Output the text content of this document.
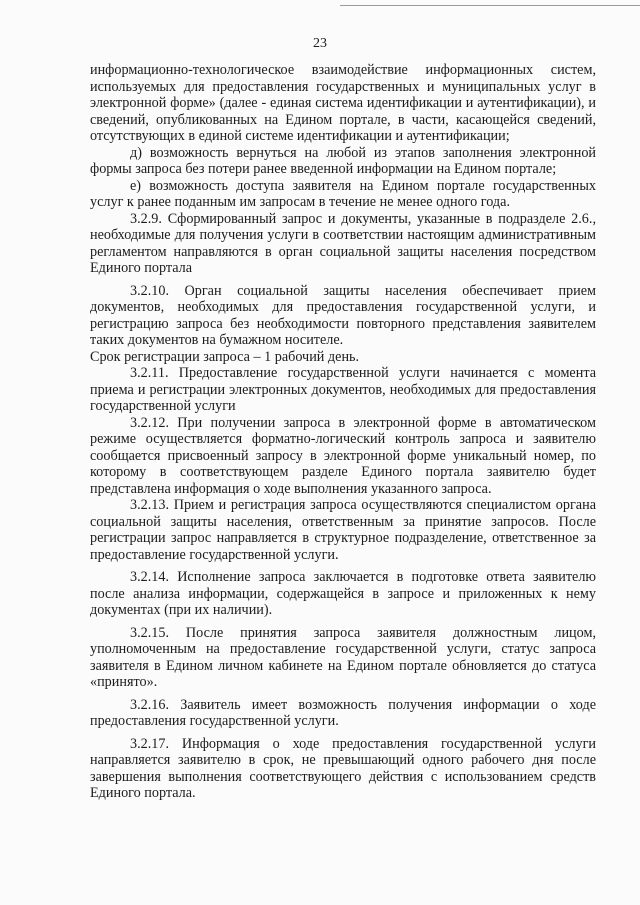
23

информационно-технологическое взаимодействие информационных систем, используемых для предоставления государственных и муниципальных услуг в электронной форме» (далее - единая система идентификации и аутентификации), и сведений, опубликованных на Едином портале, в части, касающейся сведений, отсутствующих в единой системе идентификации и аутентификации;

д) возможность вернуться на любой из этапов заполнения электронной формы запроса без потери ранее введенной информации на Едином портале;

е) возможность доступа заявителя на Едином портале государственных услуг к ранее поданным им запросам в течение не менее одного года.

3.2.9. Сформированный запрос и документы, указанные в подразделе 2.6., необходимые для получения услуги в соответствии настоящим административным регламентом направляются в орган социальной защиты населения посредством Единого портала

3.2.10. Орган социальной защиты населения обеспечивает прием документов, необходимых для предоставления государственной услуги, и регистрацию запроса без необходимости повторного представления заявителем таких документов на бумажном носителе.

Срок регистрации запроса – 1 рабочий день.

3.2.11. Предоставление государственной услуги начинается с момента приема и регистрации электронных документов, необходимых для предоставления государственной услуги

3.2.12. При получении запроса в электронной форме в автоматическом режиме осуществляется форматно-логический контроль запроса и заявителю сообщается присвоенный запросу в электронной форме уникальный номер, по которому в соответствующем разделе Единого портала заявителю будет представлена информация о ходе выполнения указанного запроса.

3.2.13. Прием и регистрация запроса осуществляются специалистом органа социальной защиты населения, ответственным за принятие запросов. После регистрации запрос направляется в структурное подразделение, ответственное за предоставление государственной услуги.

3.2.14. Исполнение запроса заключается в подготовке ответа заявителю после анализа информации, содержащейся в запросе и приложенных к нему документах (при их наличии).

3.2.15. После принятия запроса заявителя должностным лицом, уполномоченным на предоставление государственной услуги, статус запроса заявителя в Едином личном кабинете на Едином портале обновляется до статуса «принято».

3.2.16. Заявитель имеет возможность получения информации о ходе предоставления государственной услуги.

3.2.17. Информация о ходе предоставления государственной услуги направляется заявителю в срок, не превышающий одного рабочего дня после завершения выполнения соответствующего действия с использованием средств Единого портала.
